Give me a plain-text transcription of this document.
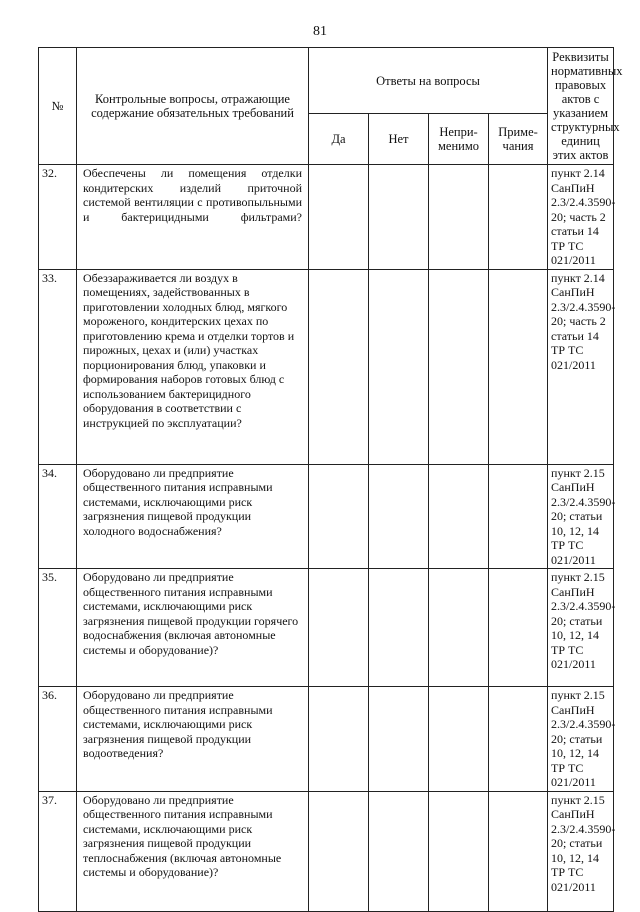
81
№	Контрольные вопросы, отражающие содержание обязательных требований	Ответы на вопросы				Реквизиты нормативных правовых актов с указанием структурных единиц этих актов
		Да	Нет	Непри-менимо	Приме-чания	
32.	Обеспечены ли помещения отделки кондитерских изделий приточной системой вентиляции с противопыльными и бактерицидными фильтрами?					пункт 2.14 СанПиН 2.3/2.4.3590-20; часть 2 статьи 14 ТР ТС 021/2011
33.	Обеззараживается ли воздух в помещениях, задействованных в приготовлении холодных блюд, мягкого мороженого, кондитерских цехах по приготовлению крема и отделки тортов и пирожных, цехах и (или) участках порционирования блюд, упаковки и формирования наборов готовых блюд с использованием бактерицидного оборудования в соответствии с инструкцией по эксплуатации?					пункт 2.14 СанПиН 2.3/2.4.3590-20; часть 2 статьи 14 ТР ТС 021/2011
34.	Оборудовано ли предприятие общественного питания исправными системами, исключающими риск загрязнения пищевой продукции холодного водоснабжения?					пункт 2.15 СанПиН 2.3/2.4.3590-20; статьи 10, 12, 14 ТР ТС 021/2011
35.	Оборудовано ли предприятие общественного питания исправными системами, исключающими риск загрязнения пищевой продукции горячего водоснабжения (включая автономные системы и оборудование)?					пункт 2.15 СанПиН 2.3/2.4.3590-20; статьи 10, 12, 14 ТР ТС 021/2011
36.	Оборудовано ли предприятие общественного питания исправными системами, исключающими риск загрязнения пищевой продукции водоотведения?					пункт 2.15 СанПиН 2.3/2.4.3590-20; статьи 10, 12, 14 ТР ТС 021/2011
37.	Оборудовано ли предприятие общественного питания исправными системами, исключающими риск загрязнения пищевой продукции теплоснабжения (включая автономные системы и оборудование)?					пункт 2.15 СанПиН 2.3/2.4.3590-20; статьи 10, 12, 14 ТР ТС 021/2011
